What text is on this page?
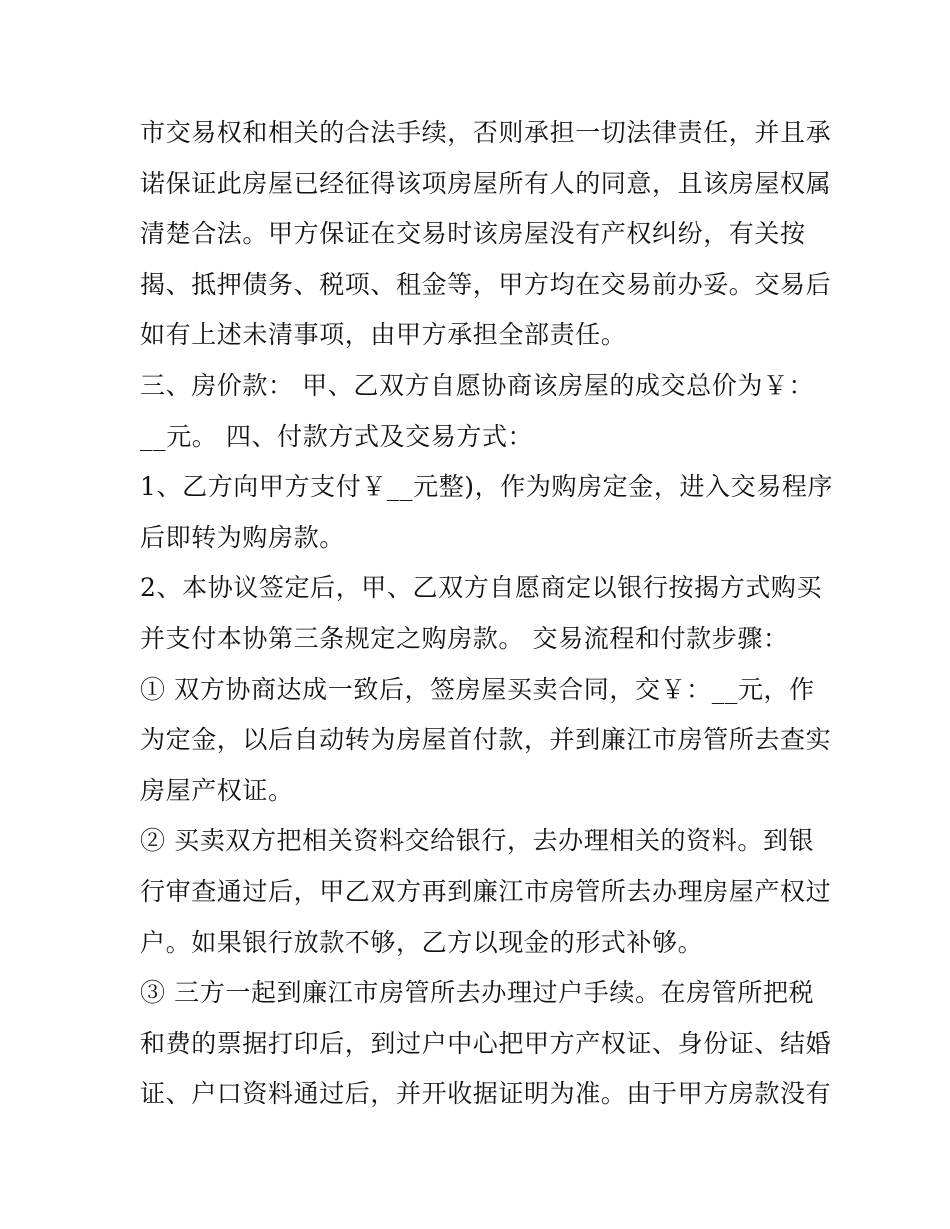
市交易权和相关的合法手续，否则承担一切法律责任，并且承
诺保证此房屋已经征得该项房屋所有人的同意，且该房屋权属
清楚合法。甲方保证在交易时该房屋没有产权纠纷，有关按
揭、抵押债务、税项、租金等，甲方均在交易前办妥。交易后
如有上述未清事项，由甲方承担全部责任。
三、房价款： 甲、乙双方自愿协商该房屋的成交总价为￥：
__元。 四、付款方式及交易方式：
1、乙方向甲方支付￥__元整)，作为购房定金，进入交易程序
后即转为购房款。
2、本协议签定后，甲、乙双方自愿商定以银行按揭方式购买
并支付本协第三条规定之购房款。 交易流程和付款步骤：
① 双方协商达成一致后，签房屋买卖合同，交￥：__元，作
为定金，以后自动转为房屋首付款，并到廉江市房管所去查实
房屋产权证。
② 买卖双方把相关资料交给银行，去办理相关的资料。到银
行审查通过后，甲乙双方再到廉江市房管所去办理房屋产权过
户。如果银行放款不够，乙方以现金的形式补够。
③ 三方一起到廉江市房管所去办理过户手续。在房管所把税
和费的票据打印后，到过户中心把甲方产权证、身份证、结婚
证、户口资料通过后，并开收据证明为准。由于甲方房款没有
